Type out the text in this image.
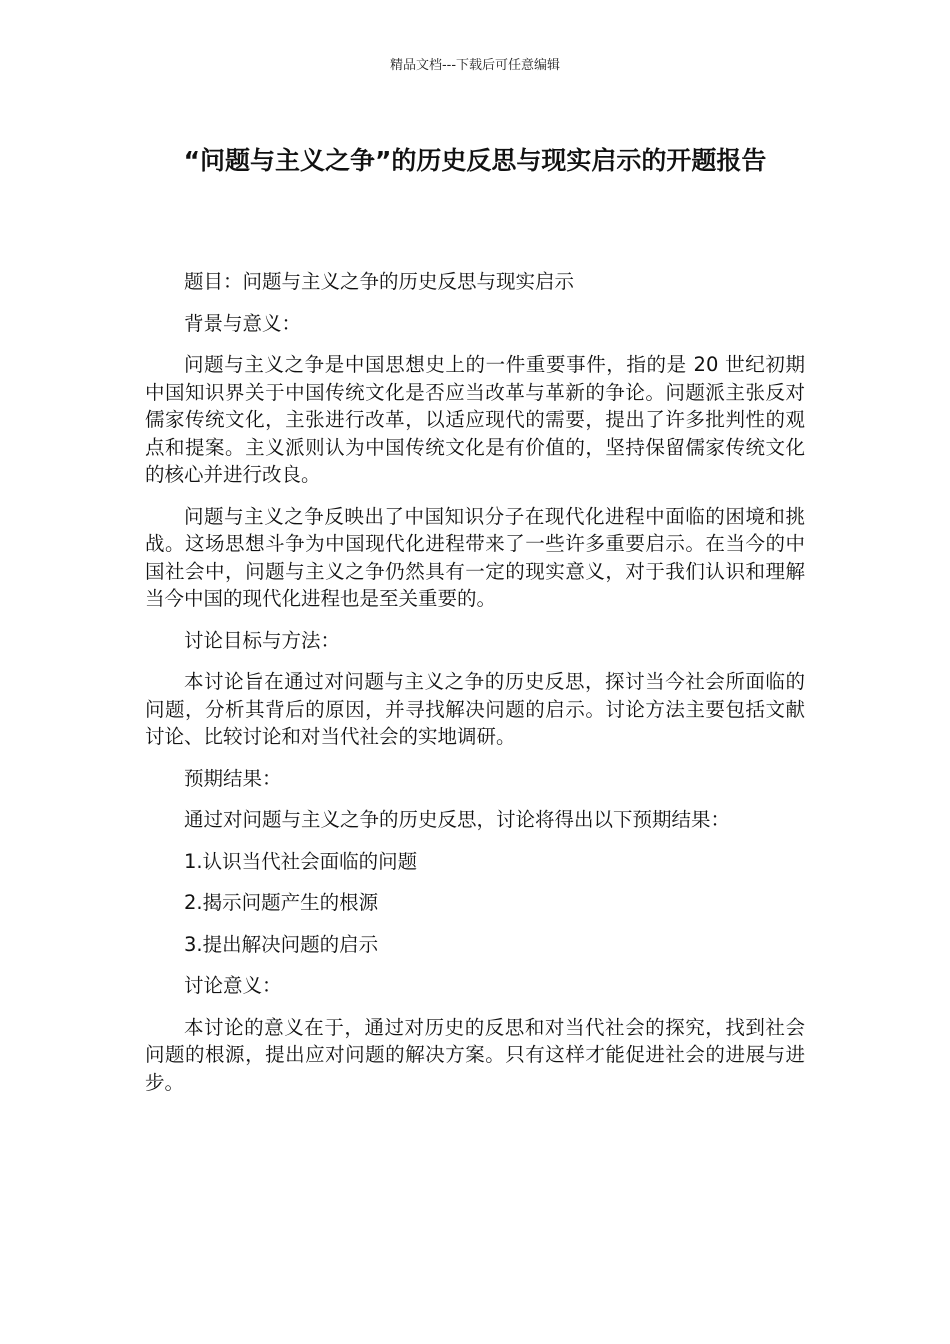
精品文档---下载后可任意编辑
“问题与主义之争”的历史反思与现实启示的开题报告

题目：问题与主义之争的历史反思与现实启示

背景与意义：

问题与主义之争是中国思想史上的一件重要事件，指的是 20 世纪初期中国知识界关于中国传统文化是否应当改革与革新的争论。问题派主张反对儒家传统文化，主张进行改革，以适应现代的需要，提出了许多批判性的观点和提案。主义派则认为中国传统文化是有价值的，坚持保留儒家传统文化的核心并进行改良。

问题与主义之争反映出了中国知识分子在现代化进程中面临的困境和挑战。这场思想斗争为中国现代化进程带来了一些许多重要启示。在当今的中国社会中，问题与主义之争仍然具有一定的现实意义，对于我们认识和理解当今中国的现代化进程也是至关重要的。

讨论目标与方法：

本讨论旨在通过对问题与主义之争的历史反思，探讨当今社会所面临的问题，分析其背后的原因，并寻找解决问题的启示。讨论方法主要包括文献讨论、比较讨论和对当代社会的实地调研。

预期结果：

通过对问题与主义之争的历史反思，讨论将得出以下预期结果：

1.认识当代社会面临的问题

2.揭示问题产生的根源

3.提出解决问题的启示

讨论意义：

本讨论的意义在于，通过对历史的反思和对当代社会的探究，找到社会问题的根源，提出应对问题的解决方案。只有这样才能促进社会的进展与进步。
